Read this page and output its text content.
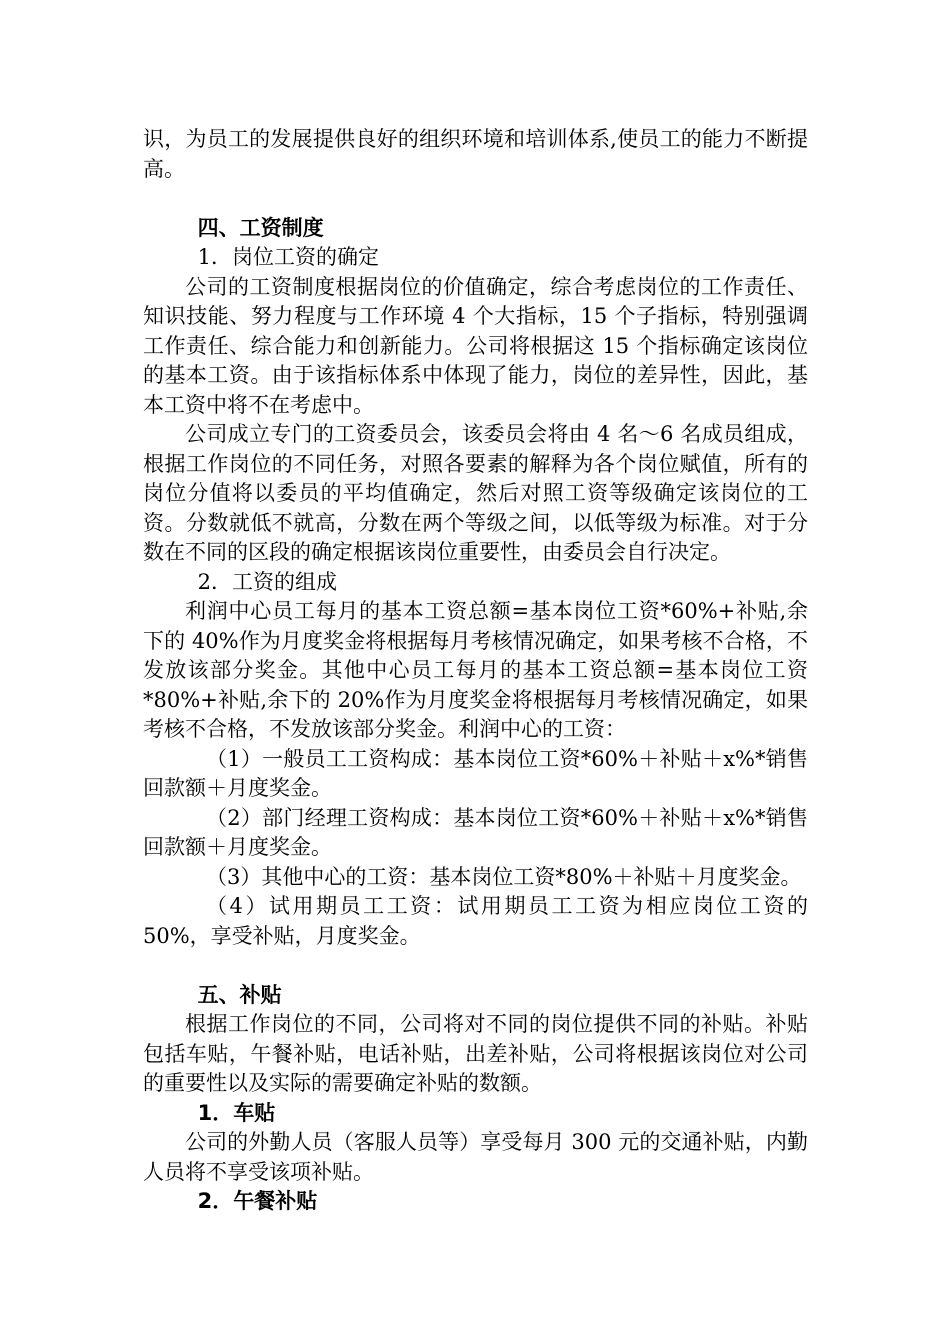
识，为员工的发展提供良好的组织环境和培训体系,使员工的能力不断提高。

四、工资制度

1．岗位工资的确定

公司的工资制度根据岗位的价值确定，综合考虑岗位的工作责任、知识技能、努力程度与工作环境 4 个大指标，15 个子指标，特别强调工作责任、综合能力和创新能力。公司将根据这 15 个指标确定该岗位的基本工资。由于该指标体系中体现了能力，岗位的差异性，因此，基本工资中将不在考虑中。

公司成立专门的工资委员会，该委员会将由 4 名～6 名成员组成，根据工作岗位的不同任务，对照各要素的解释为各个岗位赋值，所有的岗位分值将以委员的平均值确定，然后对照工资等级确定该岗位的工资。分数就低不就高，分数在两个等级之间，以低等级为标准。对于分数在不同的区段的确定根据该岗位重要性，由委员会自行决定。

2．工资的组成

利润中心员工每月的基本工资总额=基本岗位工资*60%+补贴,余下的 40%作为月度奖金将根据每月考核情况确定，如果考核不合格，不发放该部分奖金。其他中心员工每月的基本工资总额=基本岗位工资*80%+补贴,余下的 20%作为月度奖金将根据每月考核情况确定，如果考核不合格，不发放该部分奖金。利润中心的工资：

（1）一般员工工资构成：基本岗位工资*60%＋补贴＋x%*销售回款额＋月度奖金。

（2）部门经理工资构成：基本岗位工资*60%＋补贴＋x%*销售回款额＋月度奖金。

（3）其他中心的工资：基本岗位工资*80%＋补贴＋月度奖金。

（4）试用期员工工资：试用期员工工资为相应岗位工资的 50%，享受补贴，月度奖金。

五、补贴

根据工作岗位的不同，公司将对不同的岗位提供不同的补贴。补贴包括车贴，午餐补贴，电话补贴，出差补贴，公司将根据该岗位对公司的重要性以及实际的需要确定补贴的数额。

1．车贴

公司的外勤人员（客服人员等）享受每月 300 元的交通补贴，内勤人员将不享受该项补贴。

2．午餐补贴
